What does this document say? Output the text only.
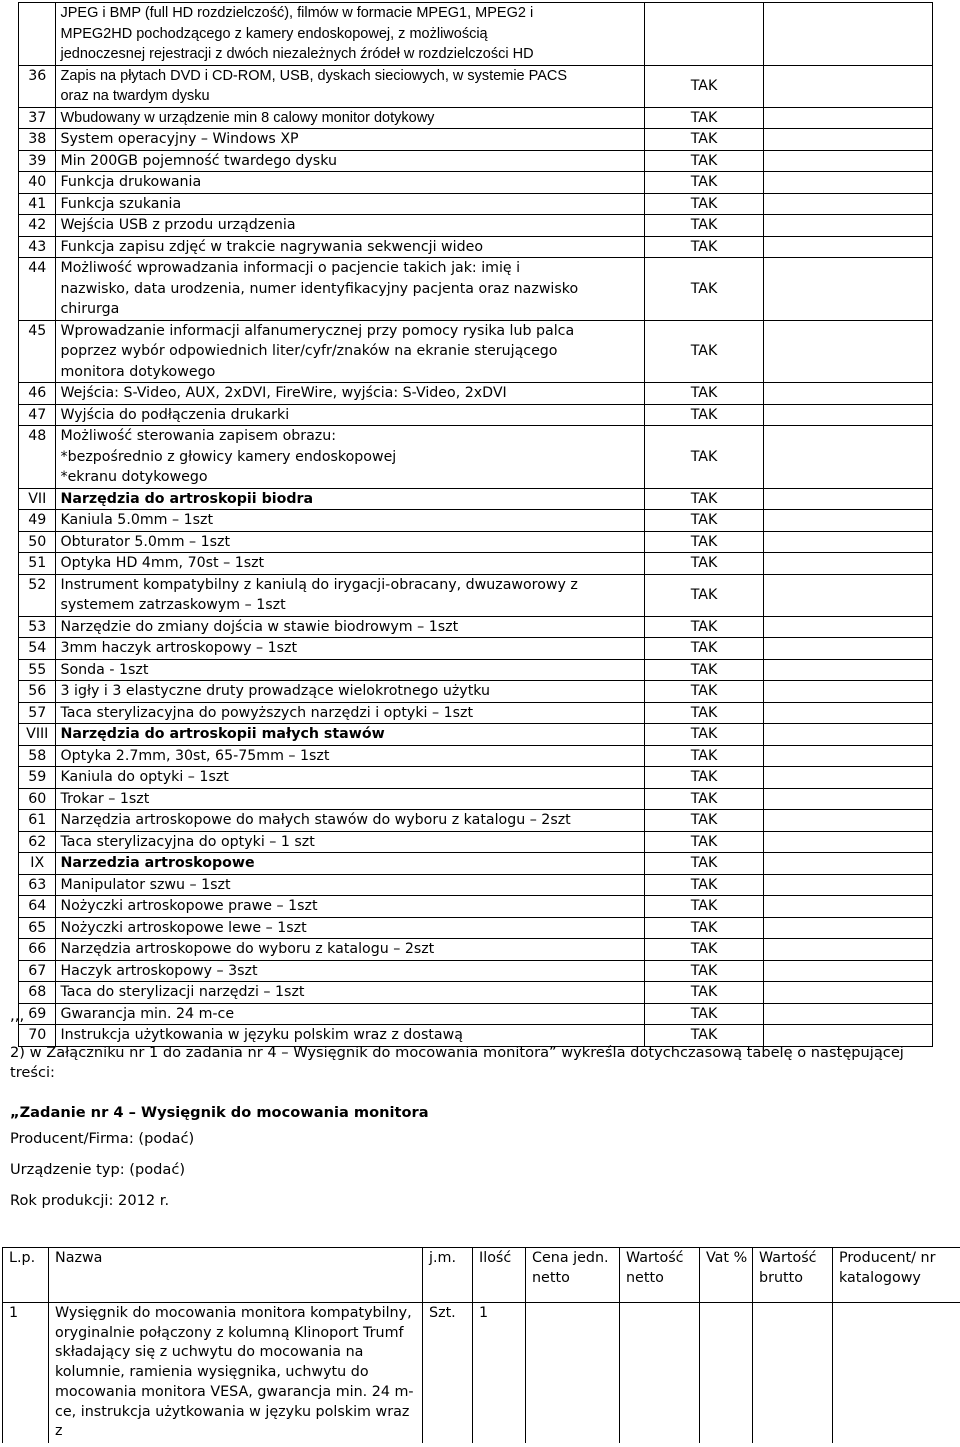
	JPEG i BMP (full HD rozdzielczość), filmów w formacie MPEG1, MPEG2 i
MPEG2HD pochodzącego z kamery endoskopowej, z możliwością
jednoczesnej rejestracji z dwóch niezależnych źródeł w rozdzielczości HD		

36	Zapis na płytach DVD i CD-ROM, USB, dyskach sieciowych, w systemie PACS
oraz na twardym dysku	TAK	
37	Wbudowany w urządzenie min 8 calowy monitor dotykowy	TAK	
38	System operacyjny – Windows XP	TAK	
39	Min 200GB pojemność twardego dysku	TAK	
40	Funkcja drukowania	TAK	
41	Funkcja szukania	TAK	
42	Wejścia USB z przodu urządzenia	TAK	
43	Funkcja zapisu zdjęć w trakcie nagrywania sekwencji wideo	TAK	
44	Możliwość wprowadzania informacji o pacjencie takich jak: imię i
nazwisko, data urodzenia, numer identyfikacyjny pacjenta oraz nazwisko
chirurga	TAK	
45	Wprowadzanie informacji alfanumerycznej przy pomocy rysika lub palca
poprzez wybór odpowiednich liter/cyfr/znaków na ekranie sterującego
monitora dotykowego	TAK	
46	Wejścia: S-Video, AUX, 2xDVI, FireWire, wyjścia: S-Video, 2xDVI	TAK	
47	Wyjścia do podłączenia drukarki	TAK	
48	Możliwość sterowania zapisem obrazu:
*bezpośrednio z głowicy kamery endoskopowej
*ekranu dotykowego	TAK	
VII	Narzędzia do artroskopii biodra	TAK	
49	Kaniula 5.0mm – 1szt	TAK	
50	Obturator 5.0mm – 1szt	TAK	
51	Optyka HD 4mm, 70st – 1szt	TAK	
52	Instrument kompatybilny z kaniulą do irygacji-obracany, dwuzaworowy z
systemem zatrzaskowym – 1szt	TAK	
53	Narzędzie do zmiany dojścia w stawie biodrowym – 1szt	TAK	
54	3mm haczyk artroskopowy – 1szt	TAK	
55	Sonda - 1szt	TAK	
56	3 igły i 3 elastyczne druty prowadzące wielokrotnego użytku	TAK	
57	Taca sterylizacyjna do powyższych narzędzi i optyki – 1szt	TAK	
VIII	Narzędzia do artroskopii małych stawów	TAK	
58	Optyka 2.7mm, 30st, 65-75mm – 1szt	TAK	
59	Kaniula do optyki – 1szt	TAK	
60	Trokar – 1szt	TAK	
61	Narzędzia artroskopowe do małych stawów do wyboru z katalogu – 2szt	TAK	
62	Taca sterylizacyjna do optyki – 1 szt	TAK	
IX	Narzedzia artroskopowe	TAK	
63	Manipulator szwu – 1szt	TAK	
64	Nożyczki artroskopowe prawe – 1szt	TAK	
65	Nożyczki artroskopowe lewe – 1szt	TAK	
66	Narzędzia artroskopowe do wyboru z katalogu – 2szt	TAK	
67	Haczyk artroskopowy – 3szt	TAK	
68	Taca do sterylizacji narzędzi – 1szt	TAK	
69	Gwarancja min. 24 m-ce	TAK	
70	Instrukcja użytkowania w języku polskim wraz z dostawą	TAK	
,,,
2) w Załączniku nr 1 do zadania nr 4 – Wysięgnik do mocowania monitora” wykreśla dotychczasową tabelę o następującej treści:
„Zadanie nr 4 – Wysięgnik do mocowania monitora
Producent/Firma: (podać)
Urządzenie typ: (podać)
Rok produkcji: 2012 r.
L.p.	Nazwa	j.m.	Ilość	Cena jedn. netto	Wartość netto	Vat %	Wartość brutto	Producent/ nr katalogowy
1	Wysięgnik do mocowania monitora kompatybilny, oryginalnie połączony z kolumną Klinoport Trumf składający się z uchwytu do mocowania na kolumnie, ramienia wysięgnika, uchwytu do mocowania monitora VESA, gwarancja min. 24 m-ce, instrukcja użytkowania w języku polskim wraz z	Szt.	1					
